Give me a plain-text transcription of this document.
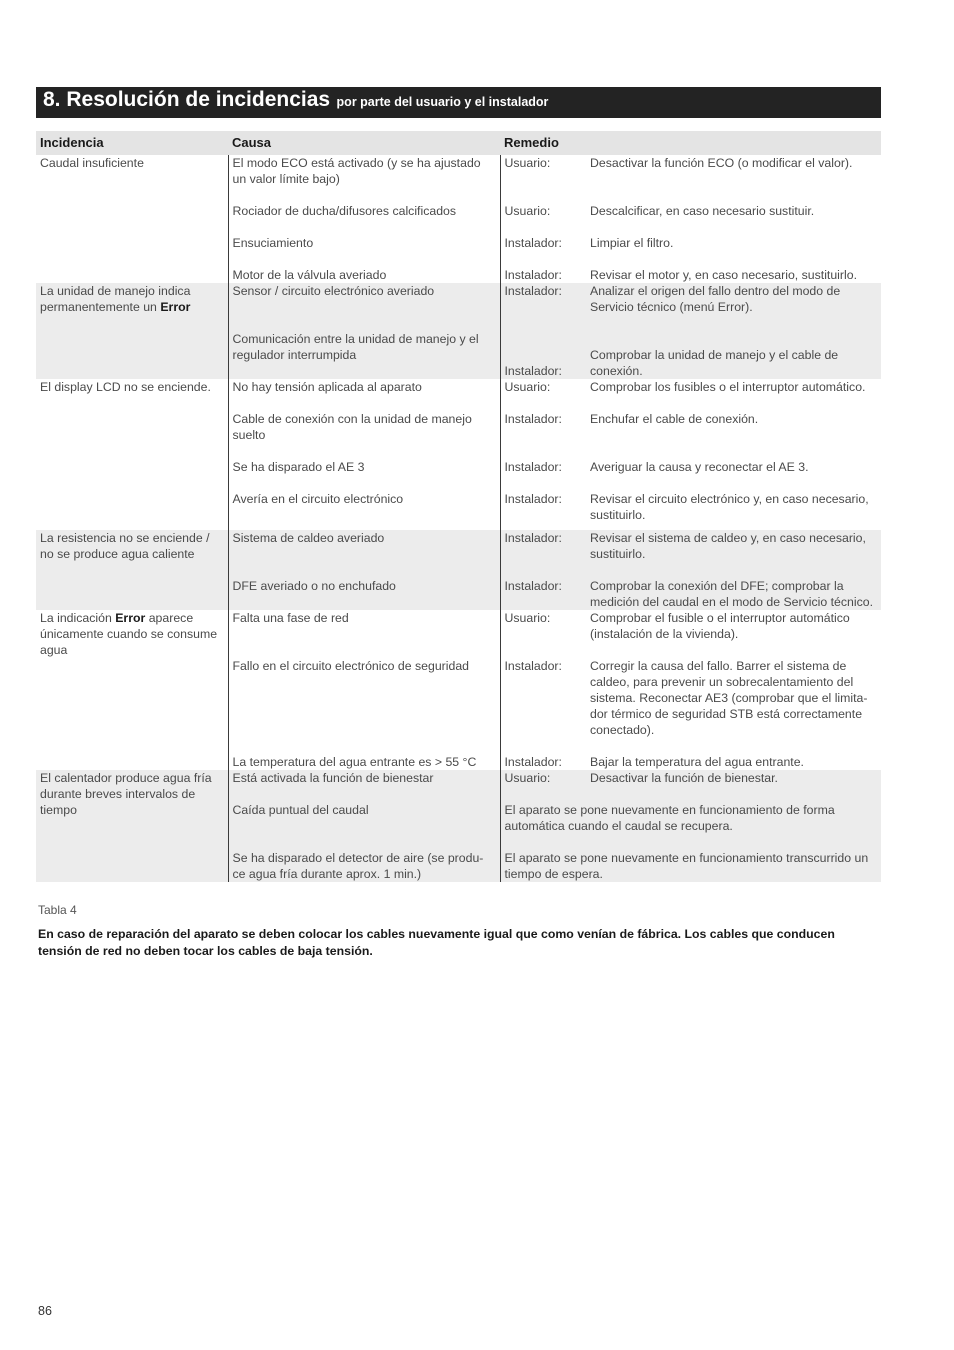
8. Resolución de incidencias por parte del usuario y el instalador
Incidencia	Causa	Remedio	
Caudal insuficiente	El modo ECO está activado (y se ha ajustado un valor límite bajo)	Usuario:	Desactivar la función ECO (o modificar el valor).

	Rociador de ducha/difusores calcificados	Usuario:	Descalcificar, en caso necesario sustituir.

	Ensuciamiento	Instalador:	Limpiar el filtro.

	Motor de la válvula averiado	Instalador:	Revisar el motor y, en caso necesario, sustituirlo.
La unidad de manejo indica permanentemente un Error	Sensor / circuito electrónico averiado	Instalador:	Analizar el origen del fallo dentro del modo de Servicio técnico (menú Error).

	Comunicación entre la unidad de manejo y el regulador interrumpida	Instalador:	Comprobar la unidad de manejo y el cable de conexión.

El display LCD no se enciende.	No hay tensión aplicada al aparato	Usuario:	Comprobar los fusibles o el interruptor automático.

	Cable de conexión con la unidad de manejo suelto	Instalador:	Enchufar el cable de conexión.

	Se ha disparado el AE 3	Instalador:	Averiguar la causa y reconectar el AE 3.

	Avería en el circuito electrónico	Instalador:	Revisar el circuito electrónico y, en caso necesario, sustituirlo.

La resistencia no se enciende / no se produce agua caliente	Sistema de caldeo averiado	Instalador:	Revisar el sistema de caldeo y, en caso necesario, sustituirlo.

	DFE averiado o no enchufado	Instalador:	Comprobar la conexión del DFE; comprobar la medición del caudal en el modo de Servicio técnico.
La indicación Error aparece únicamente cuando se consume agua	Falta una fase de red	Usuario:	Comprobar el fusible o el interruptor automático (instalación de la vivienda).

	Fallo en el circuito electrónico de seguridad	Instalador:	Corregir la causa del fallo. Barrer el sistema de caldeo, para prevenir un sobrecalentamiento del sistema. Reconectar AE3 (comprobar que el limita-dor térmico de seguridad STB está correctamente conectado).

	La temperatura del agua entrante es > 55 °C	Instalador:	Bajar la temperatura del agua entrante.
El calentador produce agua fría durante breves intervalos de tiempo	Está activada la función de bienestar	Usuario:	Desactivar la función de bienestar.

	Caída puntual del caudal	El aparato se pone nuevamente en funcionamiento de forma automática cuando el caudal se recupera.	

	Se ha disparado el detector de aire (se produ-ce agua fría durante aprox. 1 min.)	El aparato se pone nuevamente en funcionamiento transcurrido un tiempo de espera.	
Tabla 4
En caso de reparación del aparato se deben colocar los cables nuevamente igual que como venían de fábrica. Los cables que conducen tensión de red no deben tocar los cables de baja tensión.
86
